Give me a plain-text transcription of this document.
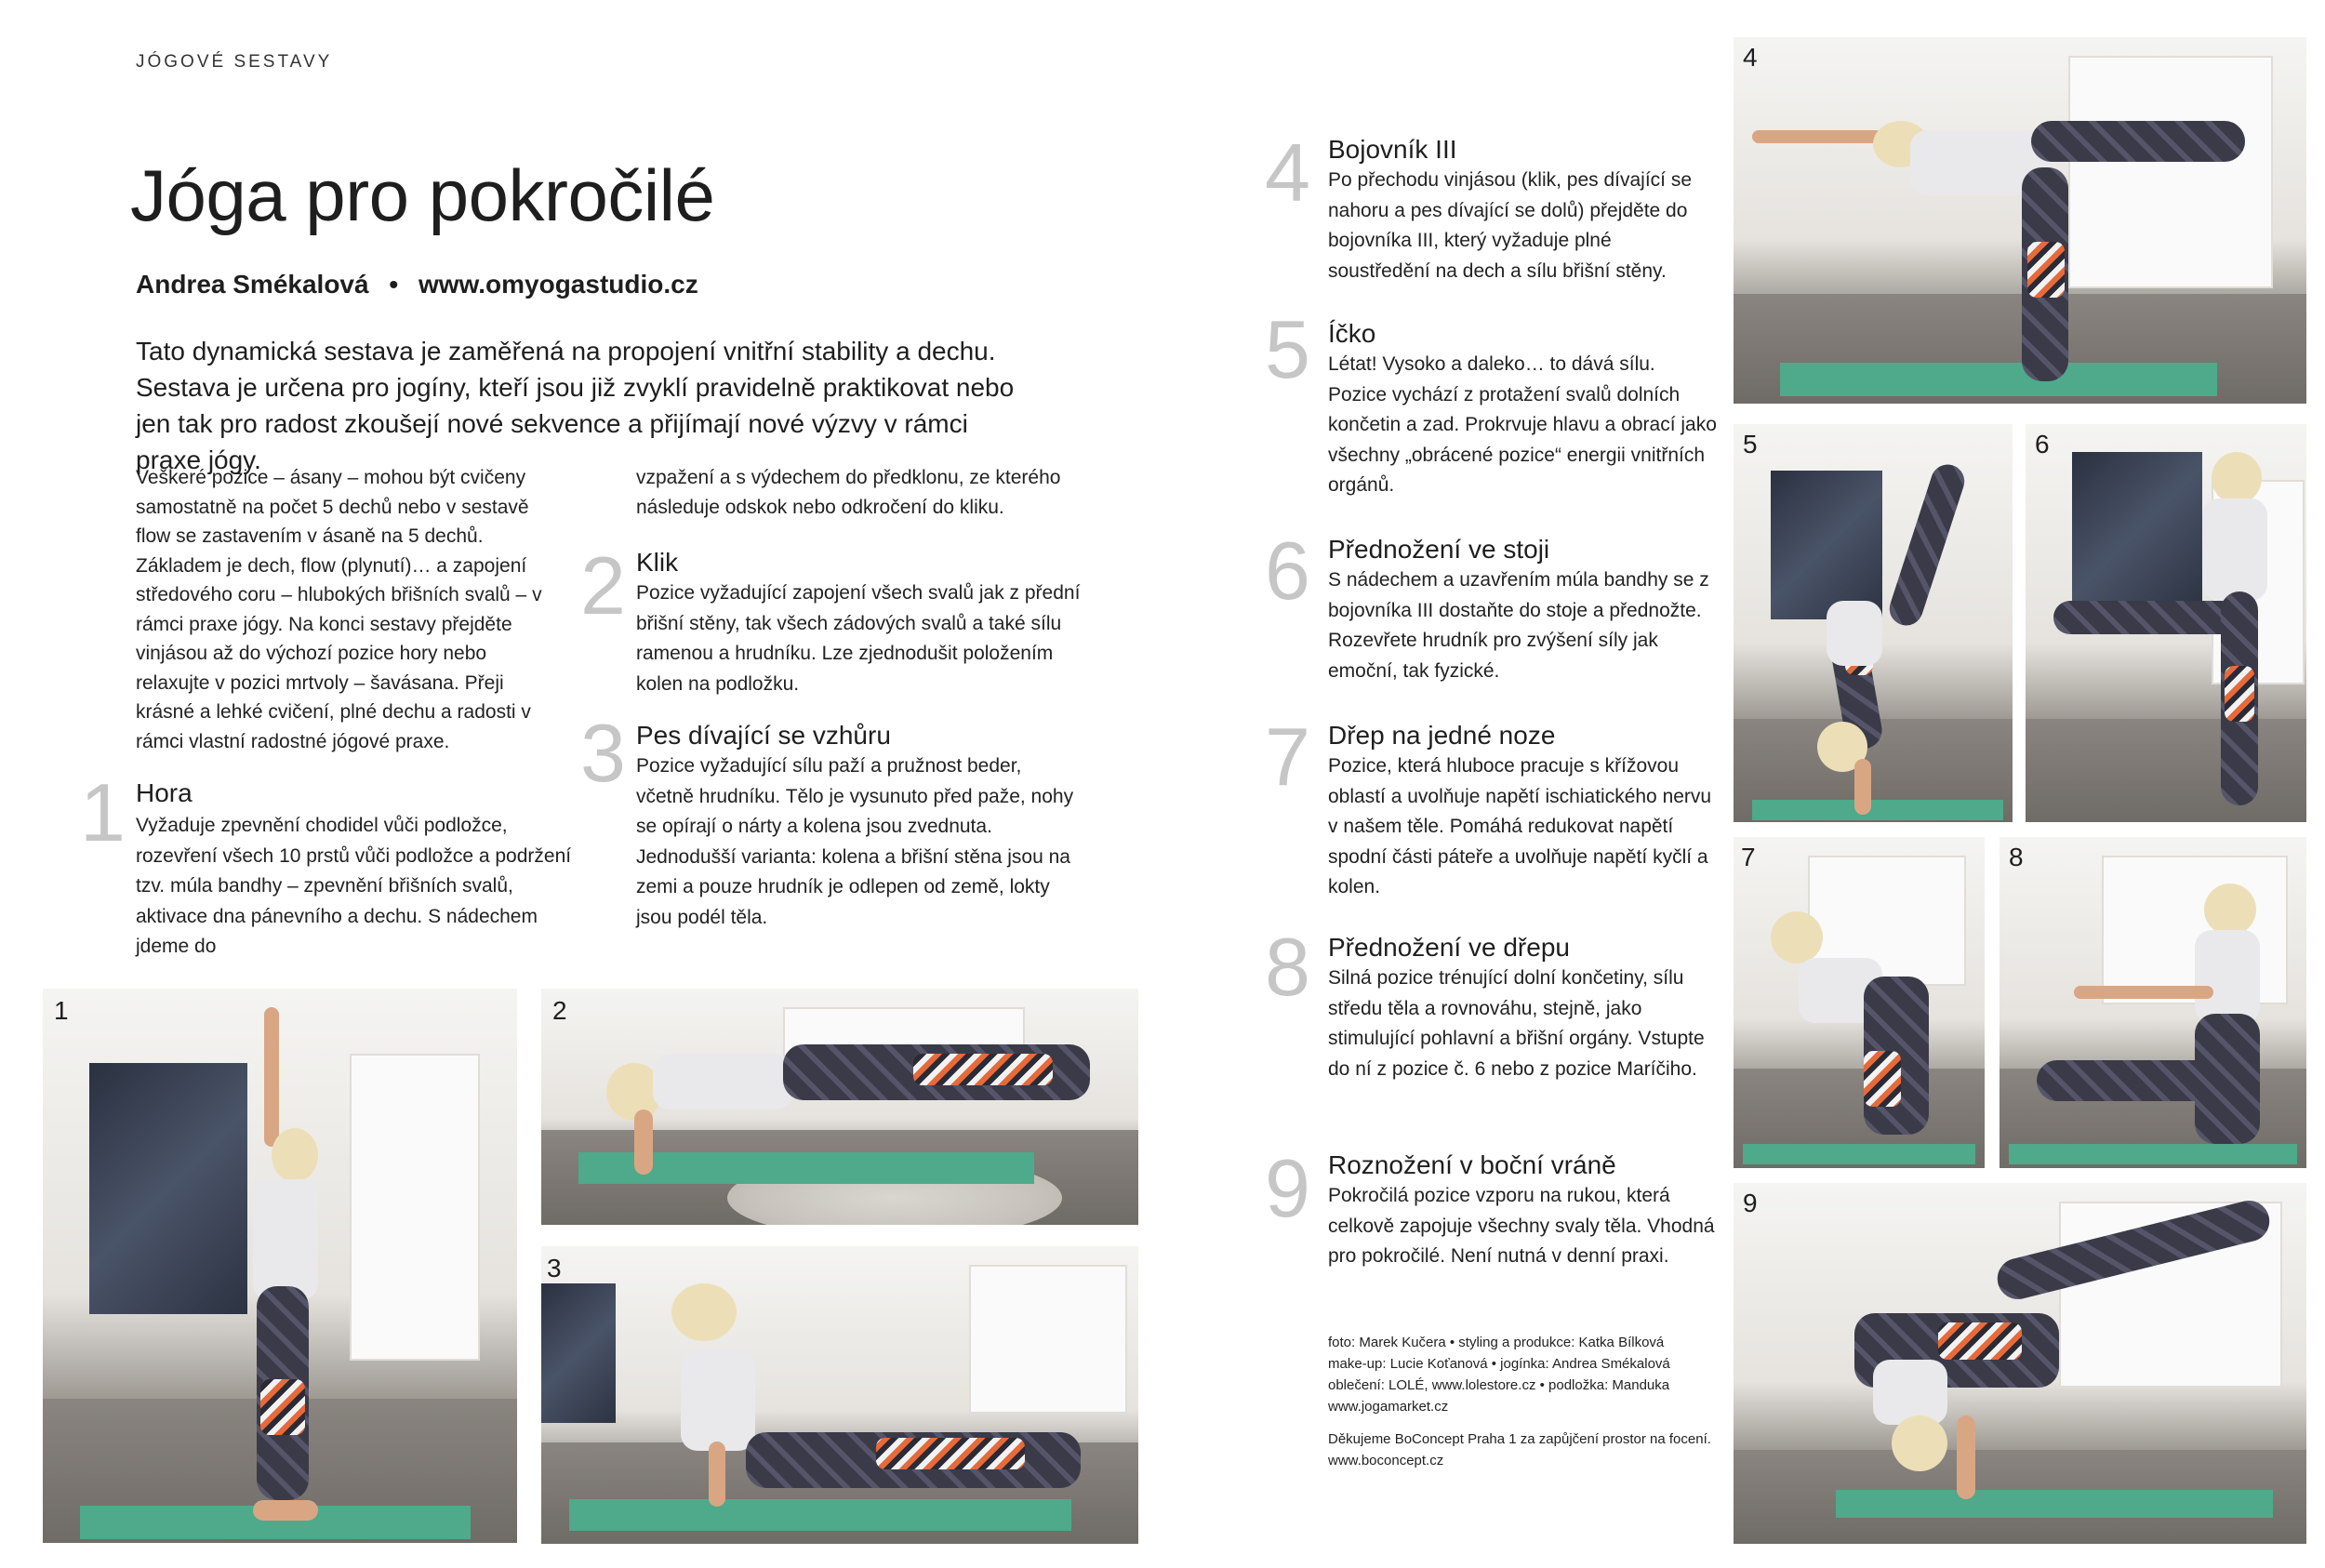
JÓGOVÉ SESTAVY
Jóga pro pokročilé
Andrea Smékalová • www.omyogastudio.cz

Tato dynamická sestava je zaměřená na propojení vnitřní stability a dechu. Sestava je určena pro jogíny, kteří jsou již zvyklí pravidelně praktikovat nebo jen tak pro radost zkoušejí nové sekvence a přijímají nové výzvy v rámci praxe jógy.

Veškeré pozice – ásany – mohou být cvičeny samostatně na počet 5 dechů nebo v sestavě flow se zastavením v ásaně na 5 dechů. Základem je dech, flow (plynutí)… a zapojení středového coru – hlubokých břišních svalů – v rámci praxe jógy. Na konci sestavy přejděte vinjásou až do výchozí pozice hory nebo relaxujte v pozici mrtvoly – šavásana. Přeji krásné a lehké cvičení, plné dechu a radosti v rámci vlastní radostné jógové praxe.

1 Hora

Vyžaduje zpevnění chodidel vůči podložce, rozevření všech 10 prstů vůči podložce a podržení tzv. múla bandhy – zpevnění břišních svalů, aktivace dna pánevního a dechu. S nádechem jdeme do

vzpažení a s výdechem do předklonu, ze kterého následuje odskok nebo odkročení do kliku.

2 Klik

Pozice vyžadující zapojení všech svalů jak z přední břišní stěny, tak všech zádových svalů a také sílu ramenou a hrudníku. Lze zjednodušit položením kolen na podložku.

3 Pes dívající se vzhůru

Pozice vyžadující sílu paží a pružnost beder, včetně hrudníku. Tělo je vysunuto před paže, nohy se opírají o nárty a kolena jsou zvednuta. Jednodušší varianta: kolena a břišní stěna jsou na zemi a pouze hrudník je odlepen od země, lokty jsou podél těla.

4 Bojovník III

Po přechodu vinjásou (klik, pes dívající se nahoru a pes dívající se dolů) přejděte do bojovníka III, který vyžaduje plné soustředění na dech a sílu břišní stěny.

5 Íčko

Létat! Vysoko a daleko… to dává sílu. Pozice vychází z protažení svalů dolních končetin a zad. Prokrvuje hlavu a obrací jako všechny „obrácené pozice“ energii vnitřních orgánů.

6 Přednožení ve stoji

S nádechem a uzavřením múla bandhy se z bojovníka III dostaňte do stoje a přednožte. Rozevřete hrudník pro zvýšení síly jak emoční, tak fyzické.

7 Dřep na jedné noze

Pozice, která hluboce pracuje s křížovou oblastí a uvolňuje napětí ischiatického nervu v našem těle. Pomáhá redukovat napětí spodní části páteře a uvolňuje napětí kyčlí a kolen.

8 Přednožení ve dřepu

Silná pozice trénující dolní končetiny, sílu středu těla a rovnováhu, stejně, jako stimulující pohlavní a břišní orgány. Vstupte do ní z pozice č. 6 nebo z pozice Maríčiho.

9 Roznožení v boční vráně

Pokročilá pozice vzporu na rukou, která celkově zapojuje všechny svaly těla. Vhodná pro pokročilé. Není nutná v denní praxi.

foto: Marek Kučera • styling a produkce: Katka Bílková
make-up: Lucie Koťanová • jogínka: Andrea Smékalová
oblečení: LOLÉ, www.lolestore.cz • podložka: Manduka
www.jogamarket.cz
Děkujeme BoConcept Praha 1 za zapůjčení prostor na focení.
www.boconcept.cz
1	2
3
4
5	6
7	8
9
